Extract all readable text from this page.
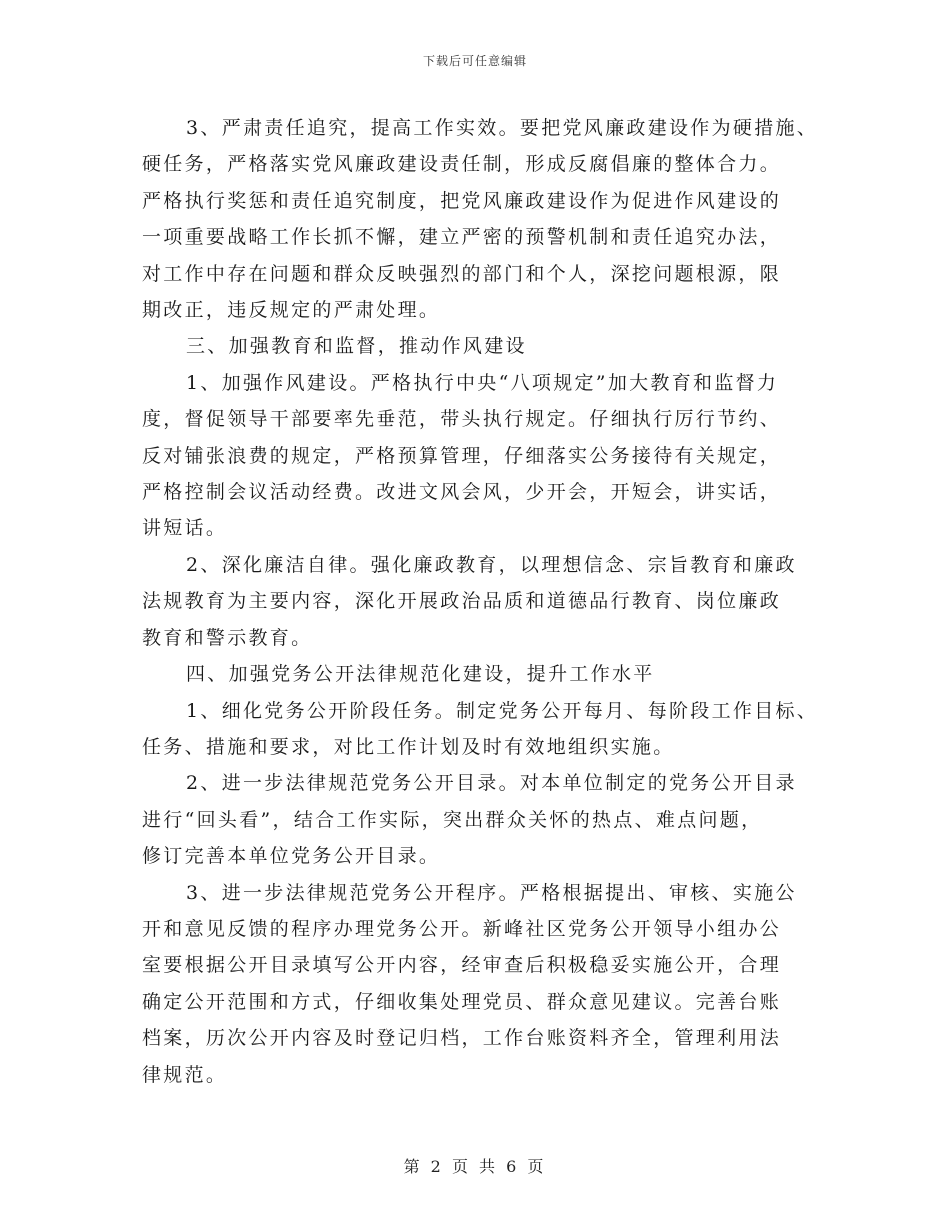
下载后可任意编辑

3、严肃责任追究，提高工作实效。要把党风廉政建设作为硬措施、
硬任务，严格落实党风廉政建设责任制，形成反腐倡廉的整体合力。
严格执行奖惩和责任追究制度，把党风廉政建设作为促进作风建设的
一项重要战略工作长抓不懈，建立严密的预警机制和责任追究办法，
对工作中存在问题和群众反映强烈的部门和个人，深挖问题根源，限
期改正，违反规定的严肃处理。
三、加强教育和监督，推动作风建设
1、加强作风建设。严格执行中央“八项规定”加大教育和监督力
度，督促领导干部要率先垂范，带头执行规定。仔细执行厉行节约、
反对铺张浪费的规定，严格预算管理，仔细落实公务接待有关规定，
严格控制会议活动经费。改进文风会风，少开会，开短会，讲实话，
讲短话。
2、深化廉洁自律。强化廉政教育，以理想信念、宗旨教育和廉政
法规教育为主要内容，深化开展政治品质和道德品行教育、岗位廉政
教育和警示教育。
四、加强党务公开法律规范化建设，提升工作水平
1、细化党务公开阶段任务。制定党务公开每月、每阶段工作目标、
任务、措施和要求，对比工作计划及时有效地组织实施。
2、进一步法律规范党务公开目录。对本单位制定的党务公开目录
进行“回头看”，结合工作实际，突出群众关怀的热点、难点问题，
修订完善本单位党务公开目录。
3、进一步法律规范党务公开程序。严格根据提出、审核、实施公
开和意见反馈的程序办理党务公开。新峰社区党务公开领导小组办公
室要根据公开目录填写公开内容，经审查后积极稳妥实施公开，合理
确定公开范围和方式，仔细收集处理党员、群众意见建议。完善台账
档案，历次公开内容及时登记归档，工作台账资料齐全，管理利用法
律规范。

第 2 页 共 6 页
